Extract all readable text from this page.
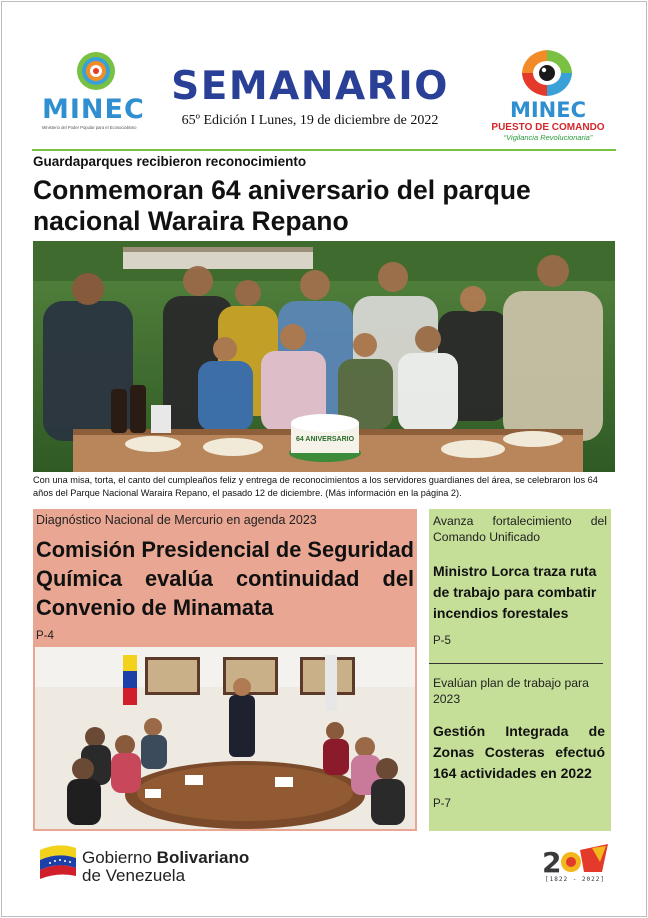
MINEC
Ministerio del Poder Popular para el Ecosocialismo
SEMANARIO
65º Edición I Lunes, 19 de diciembre de 2022	MINEC
PUESTO DE COMANDO
“Vigilancia Revolucionaria”
Guardaparques recibieron reconocimiento
Conmemoran 64 aniversario del parque nacional Waraira Repano
64 ANIVERSARIO
Con una misa, torta, el canto del cumpleaños feliz y entrega de reconocimientos a los servidores guardianes del área, se celebraron los 64 años del Parque Nacional Waraira Repano, el pasado 12 de diciembre. (Más información en la página 2).
Diagnóstico Nacional de Mercurio en agenda 2023
Comisión Presidencial de Seguridad Química evalúa continuidad del Convenio de Minamata
P-4
Avanza fortalecimiento del Comando Unificado
Ministro Lorca traza ruta de trabajo para combatir incendios forestales
P-5
Evalúan plan de trabajo para 2023
Gestión Integrada de Zonas Costeras efectuó 164 actividades en 2022
P-7
Gobierno Bolivariano
de Venezuela	2
[1822 - 2022]
